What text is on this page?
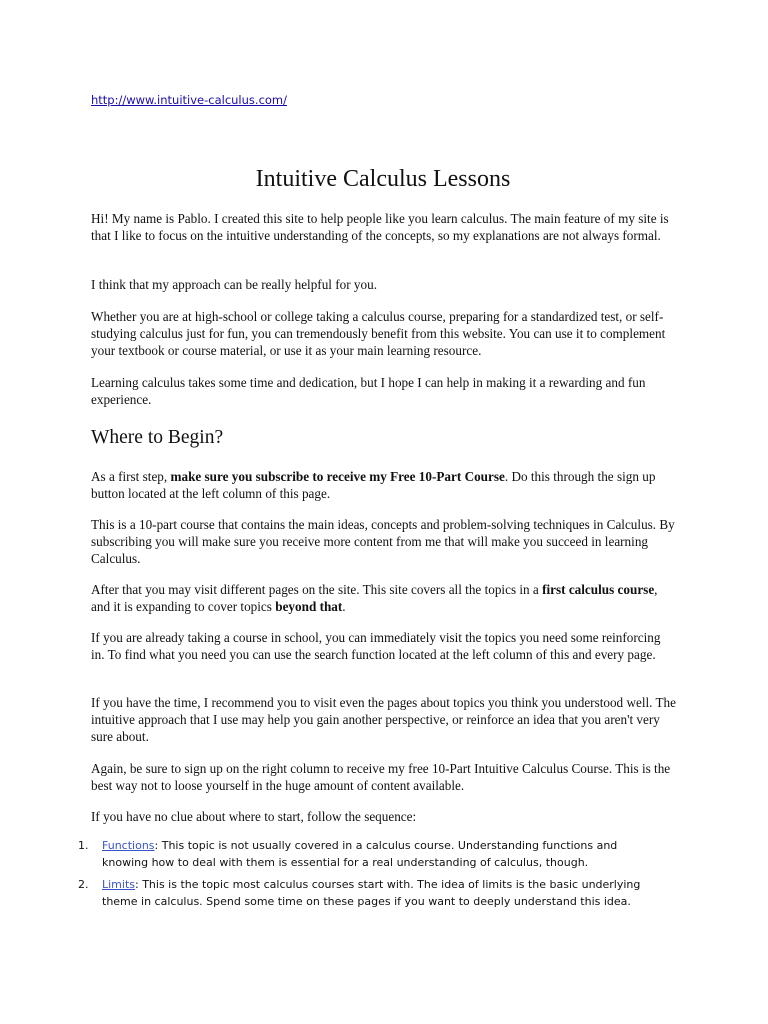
http://www.intuitive-calculus.com/
Intuitive Calculus Lessons

Hi! My name is Pablo. I created this site to help people like you learn calculus. The main feature of my site is that I like to focus on the intuitive understanding of the concepts, so my explanations are not always formal.

I think that my approach can be really helpful for you.

Whether you are at high-school or college taking a calculus course, preparing for a standardized test, or self-studying calculus just for fun, you can tremendously benefit from this website. You can use it to complement your textbook or course material, or use it as your main learning resource.

Learning calculus takes some time and dedication, but I hope I can help in making it a rewarding and fun experience.

Where to Begin?

As a first step, make sure you subscribe to receive my Free 10-Part Course. Do this through the sign up button located at the left column of this page.

This is a 10-part course that contains the main ideas, concepts and problem-solving techniques in Calculus. By subscribing you will make sure you receive more content from me that will make you succeed in learning Calculus.

After that you may visit different pages on the site. This site covers all the topics in a first calculus course, and it is expanding to cover topics beyond that.

If you are already taking a course in school, you can immediately visit the topics you need some reinforcing in. To find what you need you can use the search function located at the left column of this and every page.

If you have the time, I recommend you to visit even the pages about topics you think you understood well. The intuitive approach that I use may help you gain another perspective, or reinforce an idea that you aren't very sure about.

Again, be sure to sign up on the right column to receive my free 10-Part Intuitive Calculus Course. This is the best way not to loose yourself in the huge amount of content available.

If you have no clue about where to start, follow the sequence:

1.	Functions: This topic is not usually covered in a calculus course. Understanding functions and knowing how to deal with them is essential for a real understanding of calculus, though.
2.	Limits: This is the topic most calculus courses start with. The idea of limits is the basic underlying theme in calculus. Spend some time on these pages if you want to deeply understand this idea.
